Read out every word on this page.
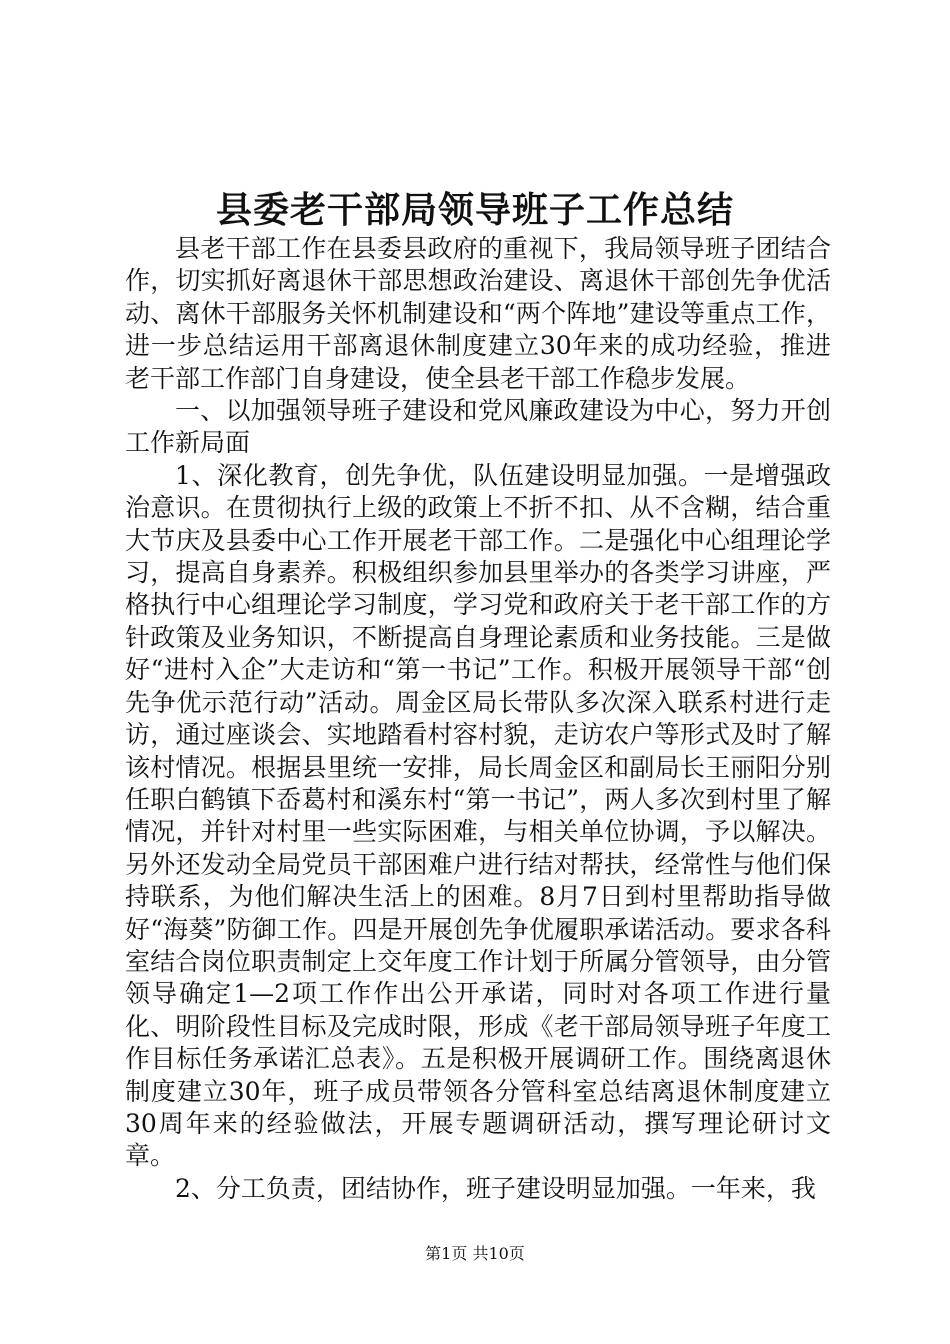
县委老干部局领导班子工作总结

县老干部工作在县委县政府的重视下，我局领导班子团结合作，切实抓好离退休干部思想政治建设、离退休干部创先争优活动、离休干部服务关怀机制建设和“两个阵地”建设等重点工作，进一步总结运用干部离退休制度建立30年来的成功经验，推进老干部工作部门自身建设，使全县老干部工作稳步发展。

一、以加强领导班子建设和党风廉政建设为中心，努力开创工作新局面

1、深化教育，创先争优，队伍建设明显加强。一是增强政治意识。在贯彻执行上级的政策上不折不扣、从不含糊，结合重大节庆及县委中心工作开展老干部工作。二是强化中心组理论学习，提高自身素养。积极组织参加县里举办的各类学习讲座，严格执行中心组理论学习制度，学习党和政府关于老干部工作的方针政策及业务知识，不断提高自身理论素质和业务技能。三是做好“进村入企”大走访和“第一书记”工作。积极开展领导干部“创先争优示范行动”活动。周金区局长带队多次深入联系村进行走访，通过座谈会、实地踏看村容村貌，走访农户等形式及时了解该村情况。根据县里统一安排，局长周金区和副局长王丽阳分别任职白鹤镇下岙葛村和溪东村“第一书记”，两人多次到村里了解情况，并针对村里一些实际困难，与相关单位协调，予以解决。另外还发动全局党员干部困难户进行结对帮扶，经常性与他们保持联系，为他们解决生活上的困难。8月7日到村里帮助指导做好“海葵”防御工作。四是开展创先争优履职承诺活动。要求各科室结合岗位职责制定上交年度工作计划于所属分管领导，由分管领导确定1—2项工作作出公开承诺，同时对各项工作进行量化、明阶段性目标及完成时限，形成《老干部局领导班子年度工作目标任务承诺汇总表》。五是积极开展调研工作。围绕离退休制度建立30年，班子成员带领各分管科室总结离退休制度建立30周年来的经验做法，开展专题调研活动，撰写理论研讨文章。

2、分工负责，团结协作，班子建设明显加强。一年来，我

第1页 共10页
